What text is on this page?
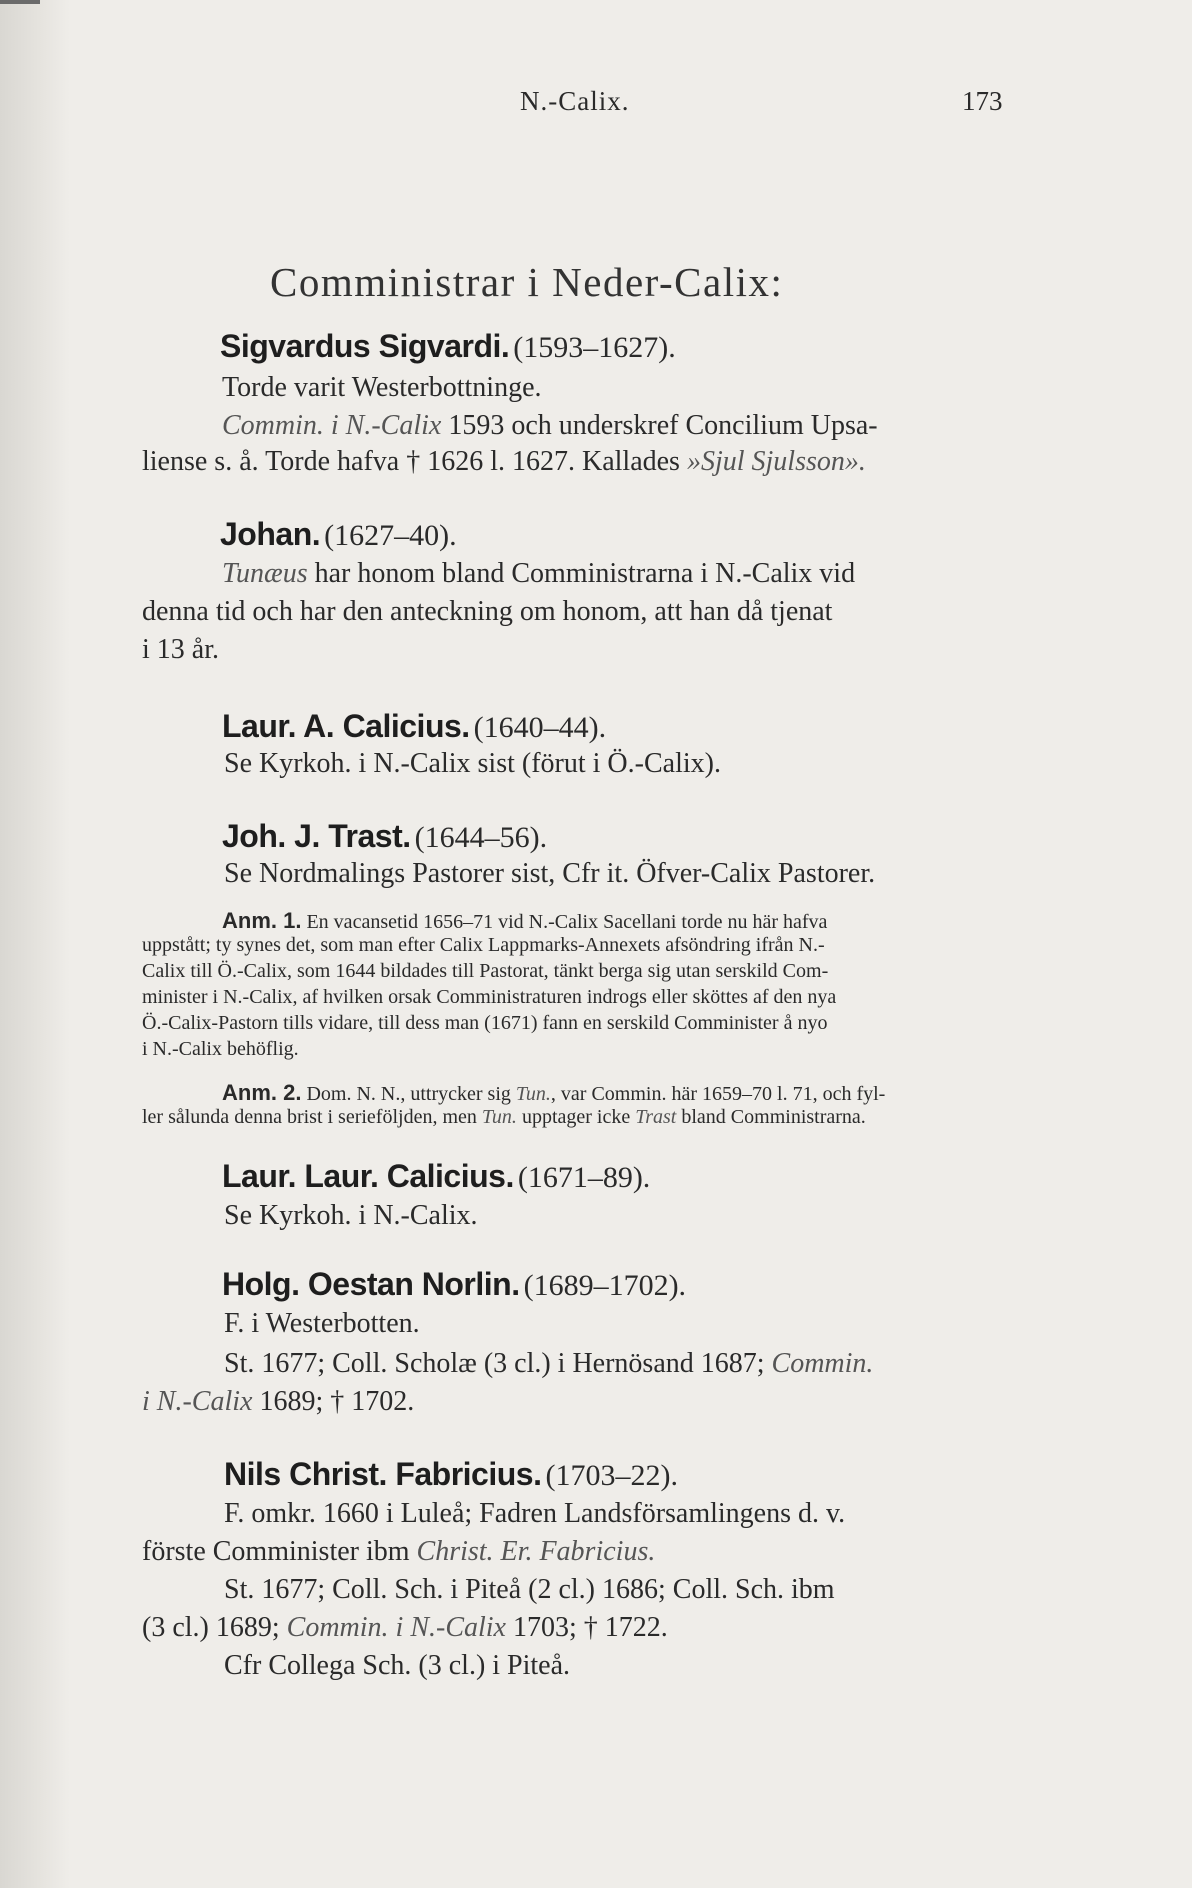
N.-Calix.	173
Comministrar i Neder-Calix:
Sigvardus Sigvardi. (1593–1627).
Torde varit Westerbottninge.
Commin. i N.-Calix 1593 och underskref Concilium Upsa-
liense s. å. Torde hafva † 1626 l. 1627. Kallades »Sjul Sjulsson».
Johan. (1627–40).
Tunæus har honom bland Comministrarna i N.-Calix vid
denna tid och har den anteckning om honom, att han då tjenat
i 13 år.
Laur. A. Calicius. (1640–44).
Se Kyrkoh. i N.-Calix sist (förut i Ö.-Calix).
Joh. J. Trast. (1644–56).
Se Nordmalings Pastorer sist, Cfr it. Öfver-Calix Pastorer.
Anm. 1. En vacansetid 1656–71 vid N.-Calix Sacellani torde nu här hafva
uppstått; ty synes det, som man efter Calix Lappmarks-Annexets afsöndring ifrån N.-
Calix till Ö.-Calix, som 1644 bildades till Pastorat, tänkt berga sig utan serskild Com-
minister i N.-Calix, af hvilken orsak Comministraturen indrogs eller sköttes af den nya
Ö.-Calix-Pastorn tills vidare, till dess man (1671) fann en serskild Comminister å nyo
i N.-Calix behöflig.
Anm. 2. Dom. N. N., uttrycker sig Tun., var Commin. här 1659–70 l. 71, och fyl-
ler sålunda denna brist i serieföljden, men Tun. upptager icke Trast bland Comministrarna.
Laur. Laur. Calicius. (1671–89).
Se Kyrkoh. i N.-Calix.
Holg. Oestan Norlin. (1689–1702).
F. i Westerbotten.
St. 1677; Coll. Scholæ (3 cl.) i Hernösand 1687; Commin.
i N.-Calix 1689; † 1702.
Nils Christ. Fabricius. (1703–22).
F. omkr. 1660 i Luleå; Fadren Landsförsamlingens d. v.
förste Comminister ibm Christ. Er. Fabricius.
St. 1677; Coll. Sch. i Piteå (2 cl.) 1686; Coll. Sch. ibm
(3 cl.) 1689; Commin. i N.-Calix 1703; † 1722.
Cfr Collega Sch. (3 cl.) i Piteå.
